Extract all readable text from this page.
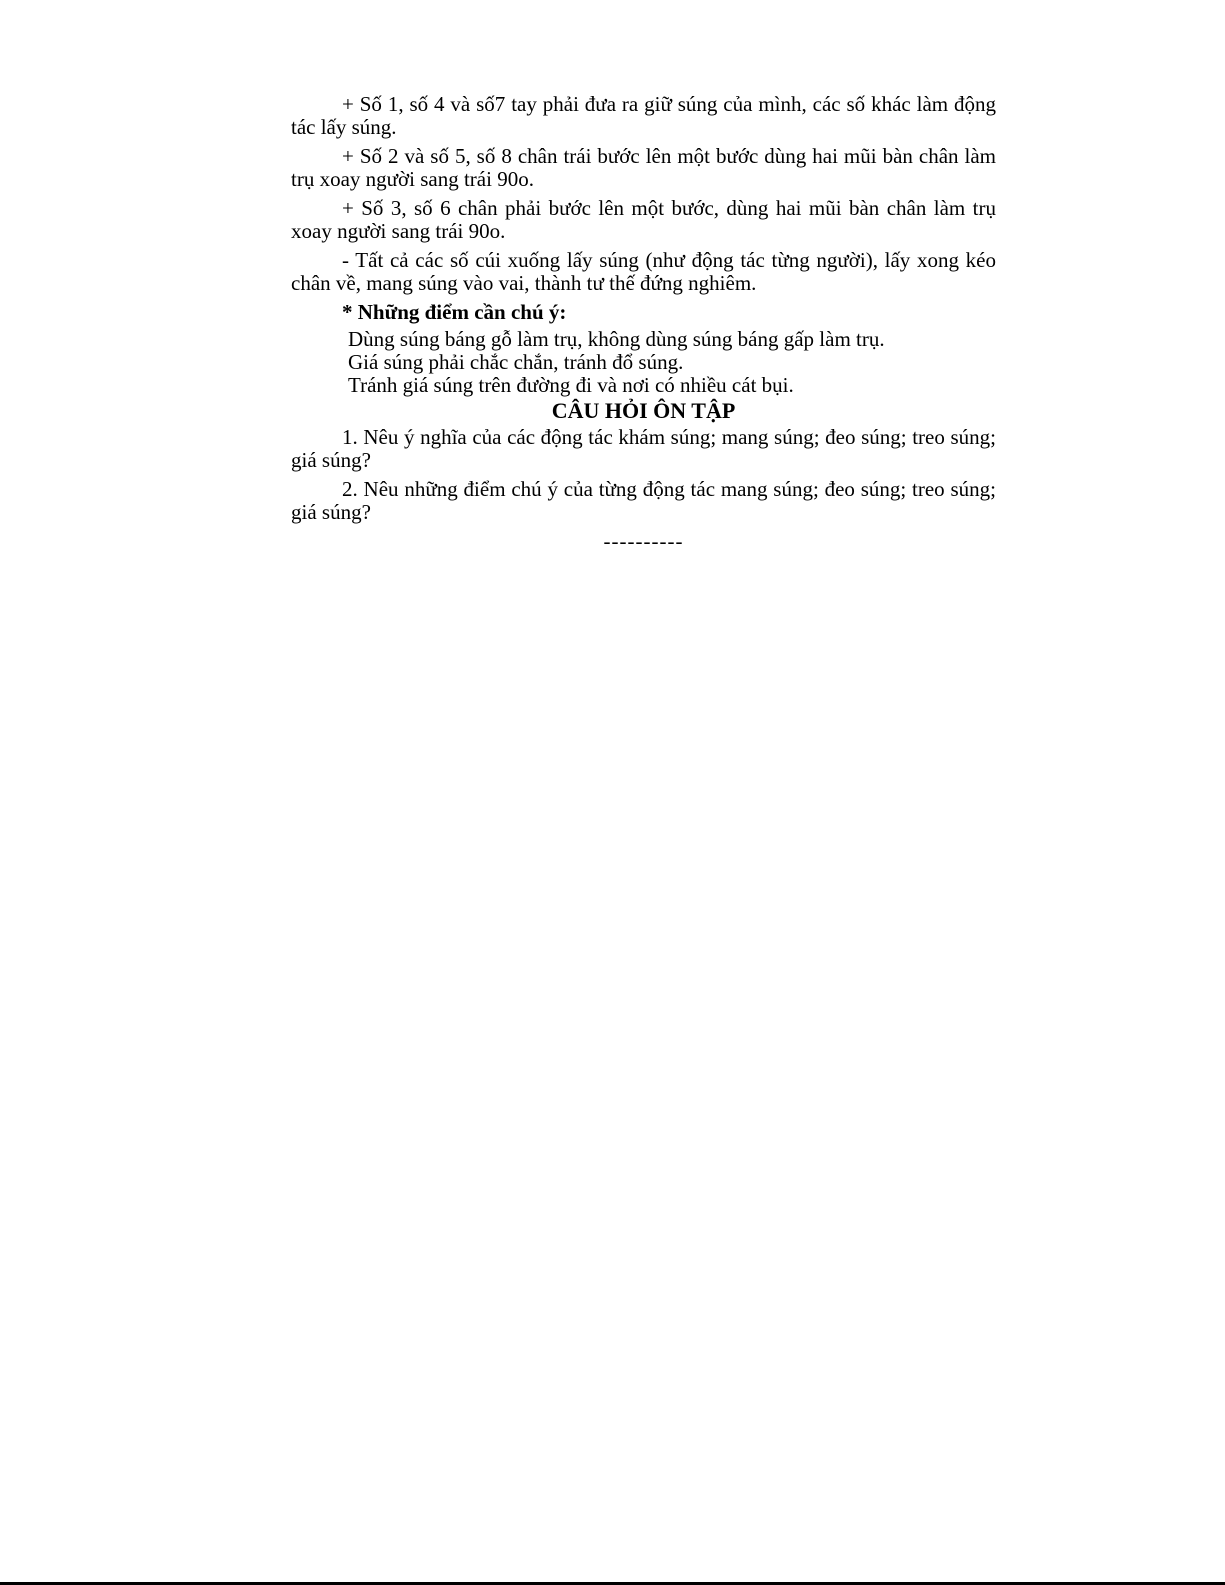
+ Số 1, số 4 và số7 tay phải đưa ra giữ súng của mình, các số khác làm động tác lấy súng.

+ Số 2 và số 5, số 8 chân trái bước lên một bước dùng hai mũi bàn chân làm trụ xoay người sang trái 90o.

+ Số 3, số 6 chân phải bước lên một bước, dùng hai mũi bàn chân làm trụ xoay người sang trái 90o.

- Tất cả các số cúi xuống lấy súng (như động tác từng người), lấy xong kéo chân về, mang súng vào vai, thành tư thế đứng nghiêm.

* Những điểm cần chú ý:

Dùng súng báng gỗ làm trụ, không dùng súng báng gấp làm trụ.

Giá súng phải chắc chắn, tránh đổ súng.

Tránh giá súng trên đường đi và nơi có nhiều cát bụi.

CÂU HỎI ÔN TẬP

1. Nêu ý nghĩa của các động tác khám súng; mang súng; đeo súng; treo súng; giá súng?

2. Nêu những điểm chú ý của từng động tác mang súng; đeo súng; treo súng; giá súng?

----------
